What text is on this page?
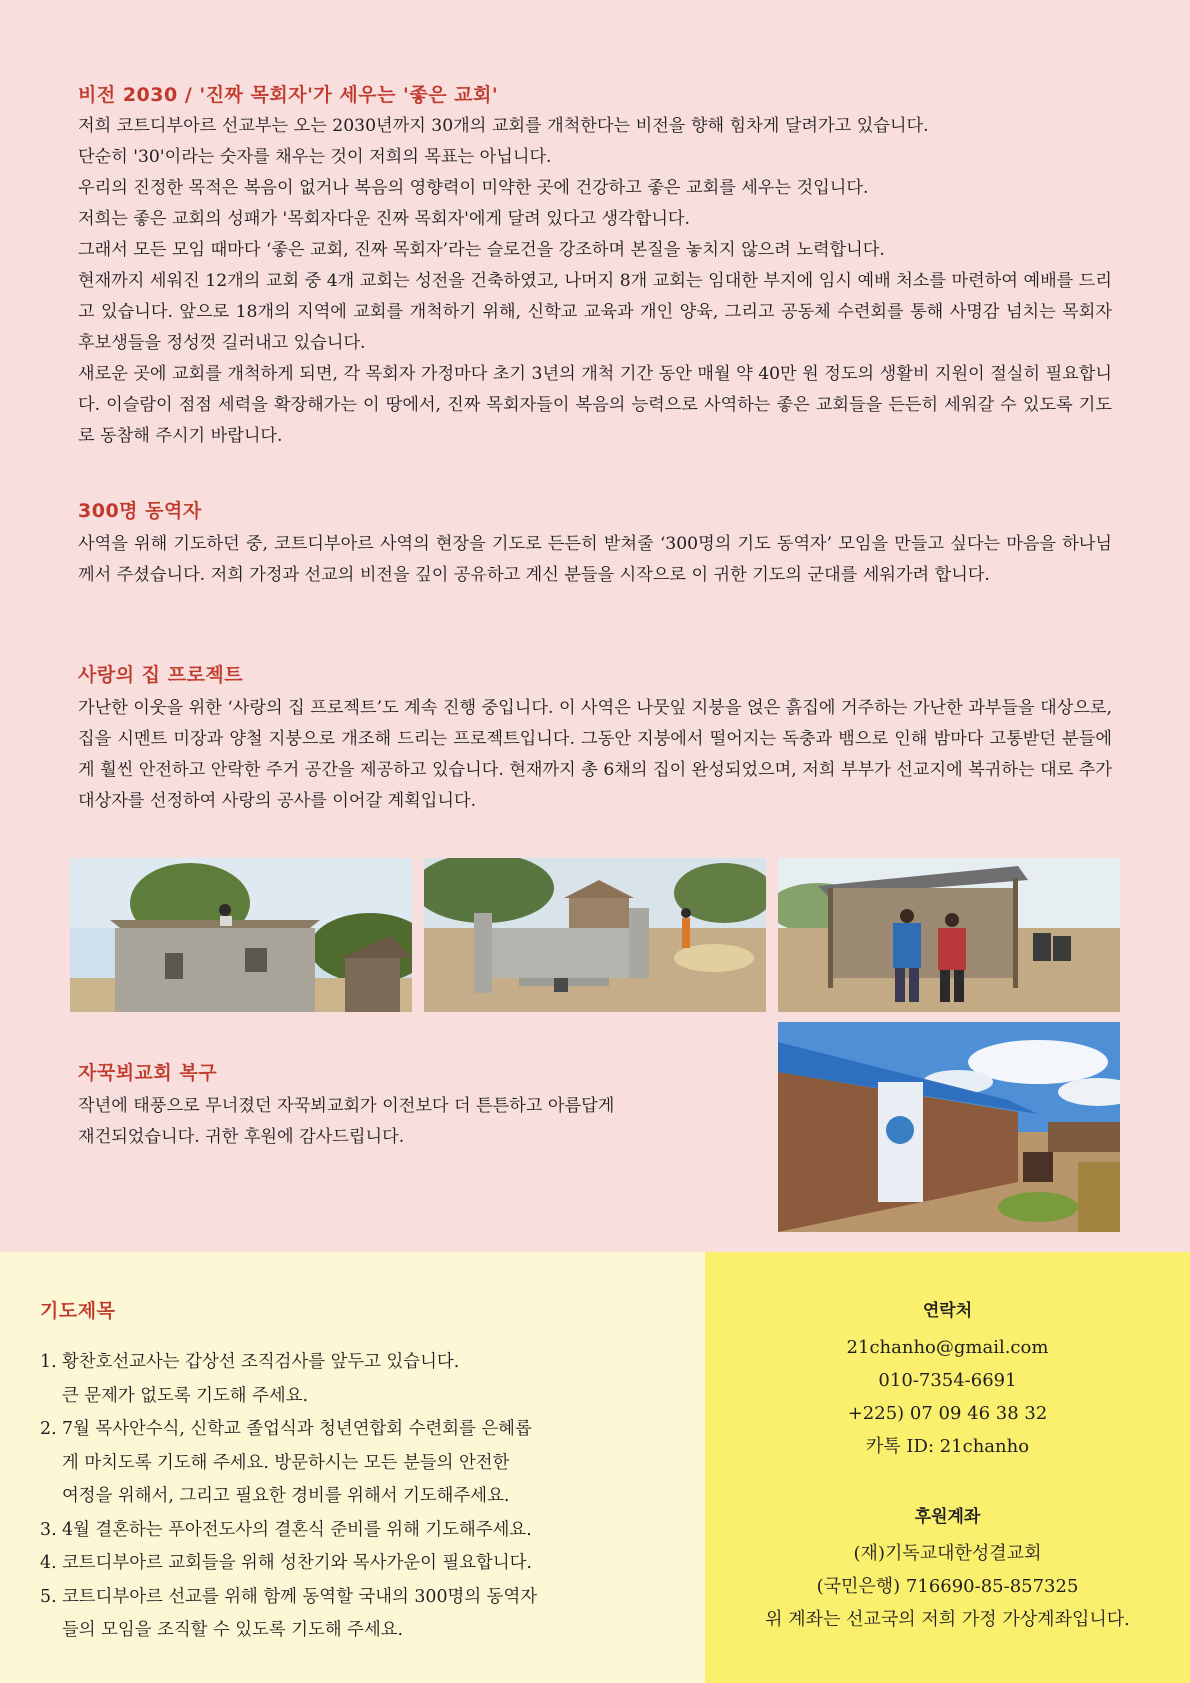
비전 2030 / '진짜 목회자'가 세우는 '좋은 교회'

저희 코트디부아르 선교부는 오는 2030년까지 30개의 교회를 개척한다는 비전을 향해 힘차게 달려가고 있습니다.

단순히 '30'이라는 숫자를 채우는 것이 저희의 목표는 아닙니다.

우리의 진정한 목적은 복음이 없거나 복음의 영향력이 미약한 곳에 건강하고 좋은 교회를 세우는 것입니다.

저희는 좋은 교회의 성패가 '목회자다운 진짜 목회자'에게 달려 있다고 생각합니다.

그래서 모든 모임 때마다 ‘좋은 교회, 진짜 목회자’라는 슬로건을 강조하며 본질을 놓치지 않으려 노력합니다.

현재까지 세워진 12개의 교회 중 4개 교회는 성전을 건축하였고, 나머지 8개 교회는 임대한 부지에 임시 예배 처소를 마련하여 예배를 드리고 있습니다. 앞으로 18개의 지역에 교회를 개척하기 위해, 신학교 교육과 개인 양육, 그리고 공동체 수련회를 통해 사명감 넘치는 목회자 후보생들을 정성껏 길러내고 있습니다.

새로운 곳에 교회를 개척하게 되면, 각 목회자 가정마다 초기 3년의 개척 기간 동안 매월 약 40만 원 정도의 생활비 지원이 절실히 필요합니다. 이슬람이 점점 세력을 확장해가는 이 땅에서, 진짜 목회자들이 복음의 능력으로 사역하는 좋은 교회들을 든든히 세워갈 수 있도록 기도로 동참해 주시기 바랍니다.

300명 동역자
사역을 위해 기도하던 중, 코트디부아르 사역의 현장을 기도로 든든히 받쳐줄 ‘300명의 기도 동역자’ 모임을 만들고 싶다는 마음을 하나님께서 주셨습니다. 저희 가정과 선교의 비전을 깊이 공유하고 계신 분들을 시작으로 이 귀한 기도의 군대를 세워가려 합니다.
사랑의 집 프로젝트
가난한 이웃을 위한 ‘사랑의 집 프로젝트’도 계속 진행 중입니다. 이 사역은 나뭇잎 지붕을 얹은 흙집에 거주하는 가난한 과부들을 대상으로, 집을 시멘트 미장과 양철 지붕으로 개조해 드리는 프로젝트입니다. 그동안 지붕에서 떨어지는 독충과 뱀으로 인해 밤마다 고통받던 분들에게 훨씬 안전하고 안락한 주거 공간을 제공하고 있습니다. 현재까지 총 6채의 집이 완성되었으며, 저희 부부가 선교지에 복귀하는 대로 추가 대상자를 선정하여 사랑의 공사를 이어갈 계획입니다.
자꾹뵈교회 복구

작년에 태풍으로 무너졌던 자꾹뵈교회가 이전보다 더 튼튼하고 아름답게

재건되었습니다. 귀한 후원에 감사드립니다.

기도제목
1. 황찬호선교사는 갑상선 조직검사를 앞두고 있습니다.
큰 문제가 없도록 기도해 주세요.
2. 7월 목사안수식, 신학교 졸업식과 청년연합회 수련회를 은혜롭
게 마치도록 기도해 주세요. 방문하시는 모든 분들의 안전한
여정을 위해서, 그리고 필요한 경비를 위해서 기도해주세요.
3. 4월 결혼하는 푸아전도사의 결혼식 준비를 위해 기도해주세요.
4. 코트디부아르 교회들을 위해 성찬기와 목사가운이 필요합니다.
5. 코트디부아르 선교를 위해 함께 동역할 국내의 300명의 동역자
들의 모임을 조직할 수 있도록 기도해 주세요.
연락처
21chanho@gmail.com
010-7354-6691
+225) 07 09 46 38 32
카톡 ID: 21chanho
후원계좌
(재)기독교대한성결교회
(국민은행) 716690-85-857325
위 계좌는 선교국의 저희 가정 가상계좌입니다.
